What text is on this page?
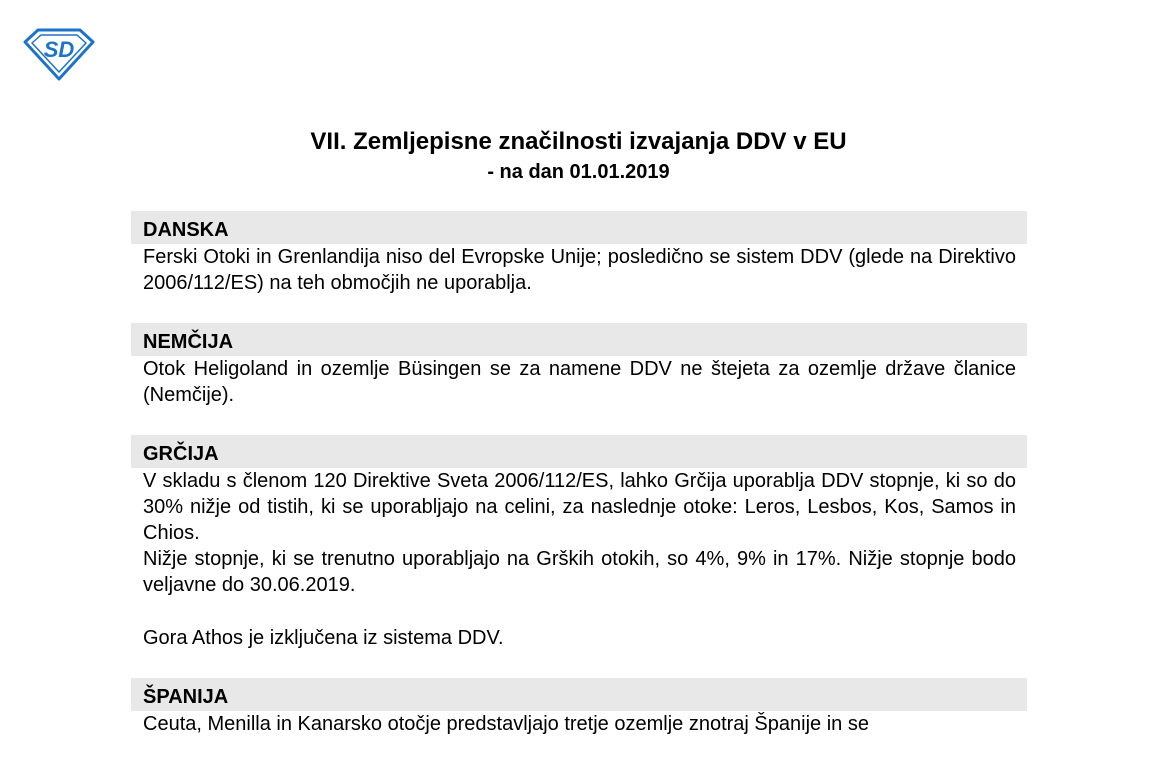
SD
VII. Zemljepisne značilnosti izvajanja DDV v EU
- na dan 01.01.2019
DANSKA

Ferski Otoki in Grenlandija niso del Evropske Unije; posledično se sistem DDV (glede na Direktivo 2006/112/ES) na teh območjih ne uporablja.

NEMČIJA

Otok Heligoland in ozemlje Büsingen se za namene DDV ne štejeta za ozemlje države članice (Nemčije).

GRČIJA

V skladu s členom 120 Direktive Sveta 2006/112/ES, lahko Grčija uporablja DDV stopnje, ki so do 30% nižje od tistih, ki se uporabljajo na celini, za naslednje otoke: Leros, Lesbos, Kos, Samos in Chios.

Nižje stopnje, ki se trenutno uporabljajo na Grških otokih, so 4%, 9% in 17%. Nižje stopnje bodo veljavne do 30.06.2019.

Gora Athos je izključena iz sistema DDV.

ŠPANIJA

Ceuta, Menilla in Kanarsko otočje predstavljajo tretje ozemlje znotraj Španije in se
